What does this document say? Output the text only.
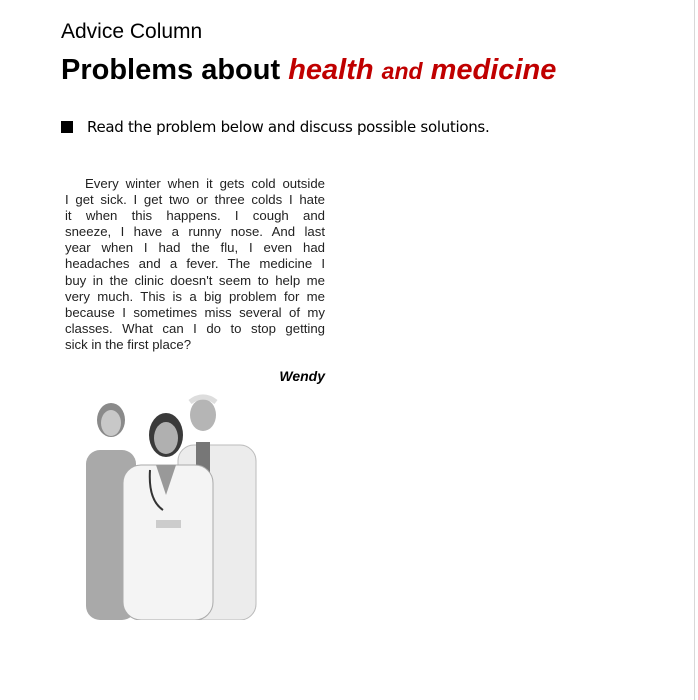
Advice Column
Problems about health and medicine
Read the problem below and discuss possible solutions.
Every winter when it gets cold outside
I get sick. I get two or three colds I hate
it when this happens. I cough and
sneeze, I have a runny nose. And last
year when I had the flu, I even had
headaches and a fever. The medicine I
buy in the clinic doesn't seem to help me
very much. This is a big problem for me
because I sometimes miss several of my
classes. What can I do to stop getting
sick in the first place?
Wendy
